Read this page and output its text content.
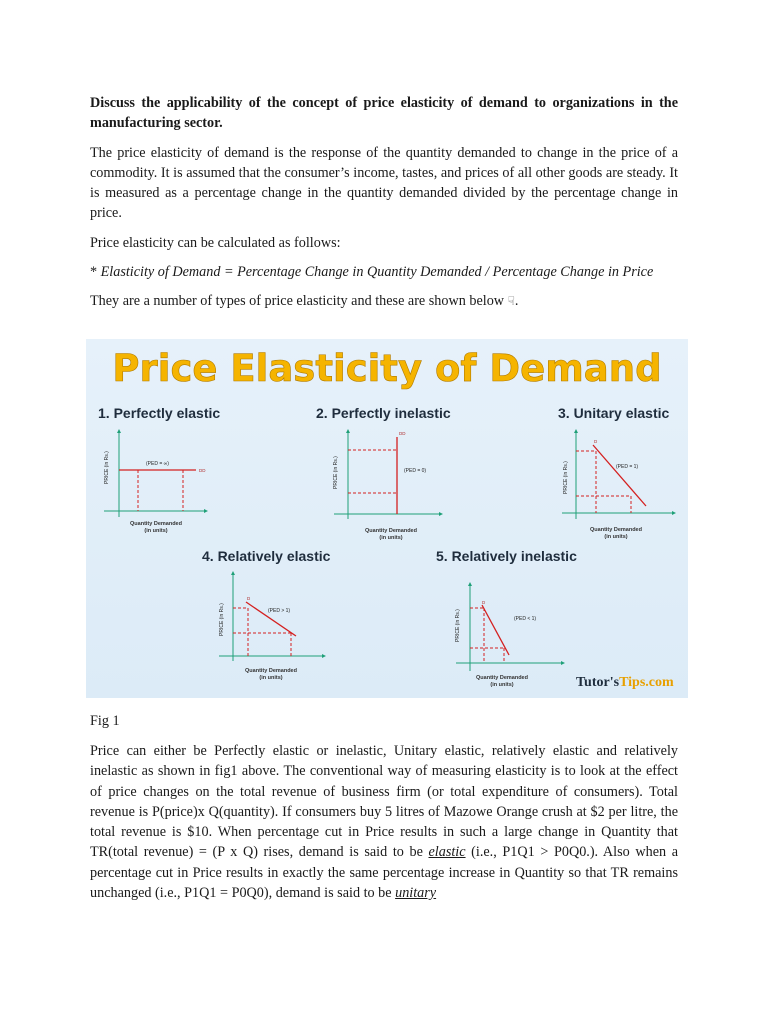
Discuss the applicability of the concept of price elasticity of demand to organizations in the manufacturing sector.

The price elasticity of demand is the response of the quantity demanded to change in the price of a commodity. It is assumed that the consumer’s income, tastes, and prices of all other goods are steady. It is measured as a percentage change in the quantity demanded divided by the percentage change in price.

Price elasticity can be calculated as follows:

* Elasticity of Demand = Percentage Change in Quantity Demanded / Percentage Change in Price

They are a number of types of price elasticity and these are shown below ☟.

Price Elasticity of Demand
1. Perfectly elastic
(PED = ∞)
DD
PRICE (in Rs.)
Quantity Demanded
(in units)
2. Perfectly inelastic
(PED = 0)
DD
PRICE (in Rs.)
Quantity Demanded
(in units)
3. Unitary elastic
(PED = 1)
D
PRICE (in Rs.)
Quantity Demanded
(in units)
4. Relatively elastic
(PED > 1)
D
PRICE (in Rs.)
Quantity Demanded
(in units)
5. Relatively inelastic
(PED < 1)
D
PRICE (in Rs.)
Quantity Demanded
(in units)	Tutor'sTips.com
Fig 1

Price can either be Perfectly elastic or inelastic, Unitary elastic, relatively elastic and relatively inelastic as shown in fig1 above. The conventional way of measuring elasticity is to look at the effect of price changes on the total revenue of business firm (or total expenditure of consumers). Total revenue is P(price)x Q(quantity). If consumers buy 5 litres of Mazowe Orange crush at $2 per litre, the total revenue is $10. When percentage cut in Price results in such a large change in Quantity that TR(total revenue) = (P x Q) rises, demand is said to be elastic (i.e., P1Q1 > P0Q0.). Also when a percentage cut in Price results in exactly the same percentage increase in Quantity so that TR remains unchanged (i.e., P1Q1 = P0Q0), demand is said to be unitary
